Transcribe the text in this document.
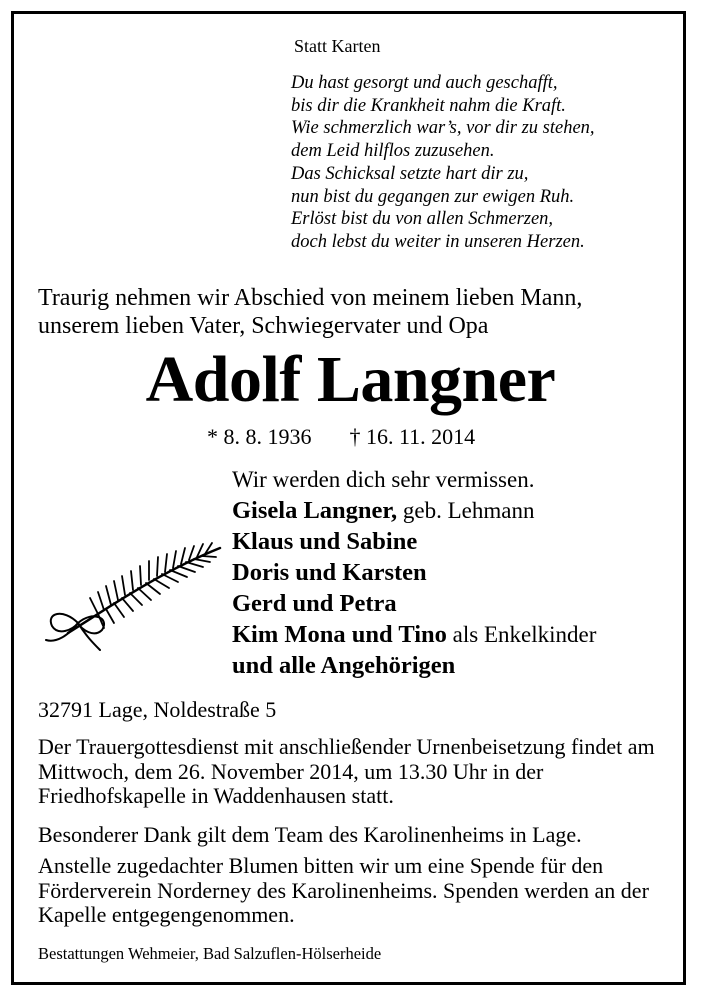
Statt Karten
Du hast gesorgt und auch geschafft,
bis dir die Krankheit nahm die Kraft.
Wie schmerzlich war’s, vor dir zu stehen,
dem Leid hilflos zuzusehen.
Das Schicksal setzte hart dir zu,
nun bist du gegangen zur ewigen Ruh.
Erlöst bist du von allen Schmerzen,
doch lebst du weiter in unseren Herzen.
Traurig nehmen wir Abschied von meinem lieben Mann,
unserem lieben Vater, Schwiegervater und Opa
Adolf Langner
* 8. 8. 1936 † 16. 11. 2014
Wir werden dich sehr vermissen.
Gisela Langner, geb. Lehmann
Klaus und Sabine
Doris und Karsten
Gerd und Petra
Kim Mona und Tino als Enkelkinder
und alle Angehörigen
32791 Lage, Noldestraße 5
Der Trauergottesdienst mit anschließender Urnenbeisetzung findet am Mittwoch, dem 26. November 2014, um 13.30 Uhr in der Friedhofskapelle in Waddenhausen statt.
Besonderer Dank gilt dem Team des Karolinenheims in Lage.
Anstelle zugedachter Blumen bitten wir um eine Spende für den Förderverein Norderney des Karolinenheims. Spenden werden an der Kapelle entgegengenommen.
Bestattungen Wehmeier, Bad Salzuflen-Hölserheide
